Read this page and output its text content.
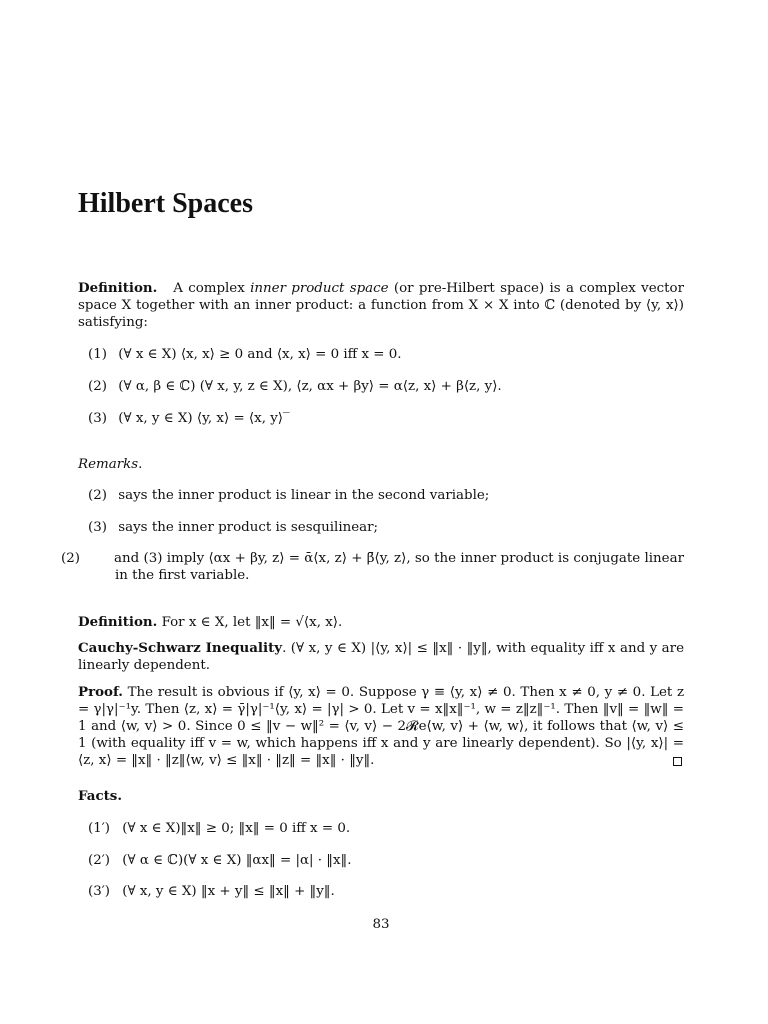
Hilbert Spaces

Definition. A complex inner product space (or pre-Hilbert space) is a complex vector space X together with an inner product: a function from X × X into ℂ (denoted by ⟨y, x⟩) satisfying:

(1) (∀ x ∈ X) ⟨x, x⟩ ≥ 0 and ⟨x, x⟩ = 0 iff x = 0.
(2) (∀ α, β ∈ ℂ) (∀ x, y, z ∈ X), ⟨z, αx + βy⟩ = α⟨z, x⟩ + β⟨z, y⟩.
(3) (∀ x, y ∈ X) ⟨y, x⟩ = ⟨x, y⟩‾
Remarks.
(2) says the inner product is linear in the second variable;
(3) says the inner product is sesquilinear;
(2)	and (3) imply ⟨αx + βy, z⟩ = ᾱ⟨x, z⟩ + β̄⟨y, z⟩, so the inner product is conjugate linear in the first variable.
Definition. For x ∈ X, let ‖x‖ = √⟨x, x⟩.

Cauchy-Schwarz Inequality. (∀ x, y ∈ X) |⟨y, x⟩| ≤ ‖x‖ · ‖y‖, with equality iff x and y are linearly dependent.

Proof. The result is obvious if ⟨y, x⟩ = 0. Suppose γ ≡ ⟨y, x⟩ ≠ 0. Then x ≠ 0, y ≠ 0. Let z = γ|γ|⁻¹y. Then ⟨z, x⟩ = γ̄|γ|⁻¹⟨y, x⟩ = |γ| > 0. Let v = x‖x‖⁻¹, w = z‖z‖⁻¹. Then ‖v‖ = ‖w‖ = 1 and ⟨w, v⟩ > 0. Since 0 ≤ ‖v − w‖² = ⟨v, v⟩ − 2𝓡e⟨w, v⟩ + ⟨w, w⟩, it follows that ⟨w, v⟩ ≤ 1 (with equality iff v = w, which happens iff x and y are linearly dependent). So |⟨y, x⟩| = ⟨z, x⟩ = ‖x‖ · ‖z‖⟨w, v⟩ ≤ ‖x‖ · ‖z‖ = ‖x‖ · ‖y‖.

Facts.
(1′) (∀ x ∈ X)‖x‖ ≥ 0; ‖x‖ = 0 iff x = 0.
(2′) (∀ α ∈ ℂ)(∀ x ∈ X) ‖αx‖ = |α| · ‖x‖.
(3′) (∀ x, y ∈ X) ‖x + y‖ ≤ ‖x‖ + ‖y‖.
83
